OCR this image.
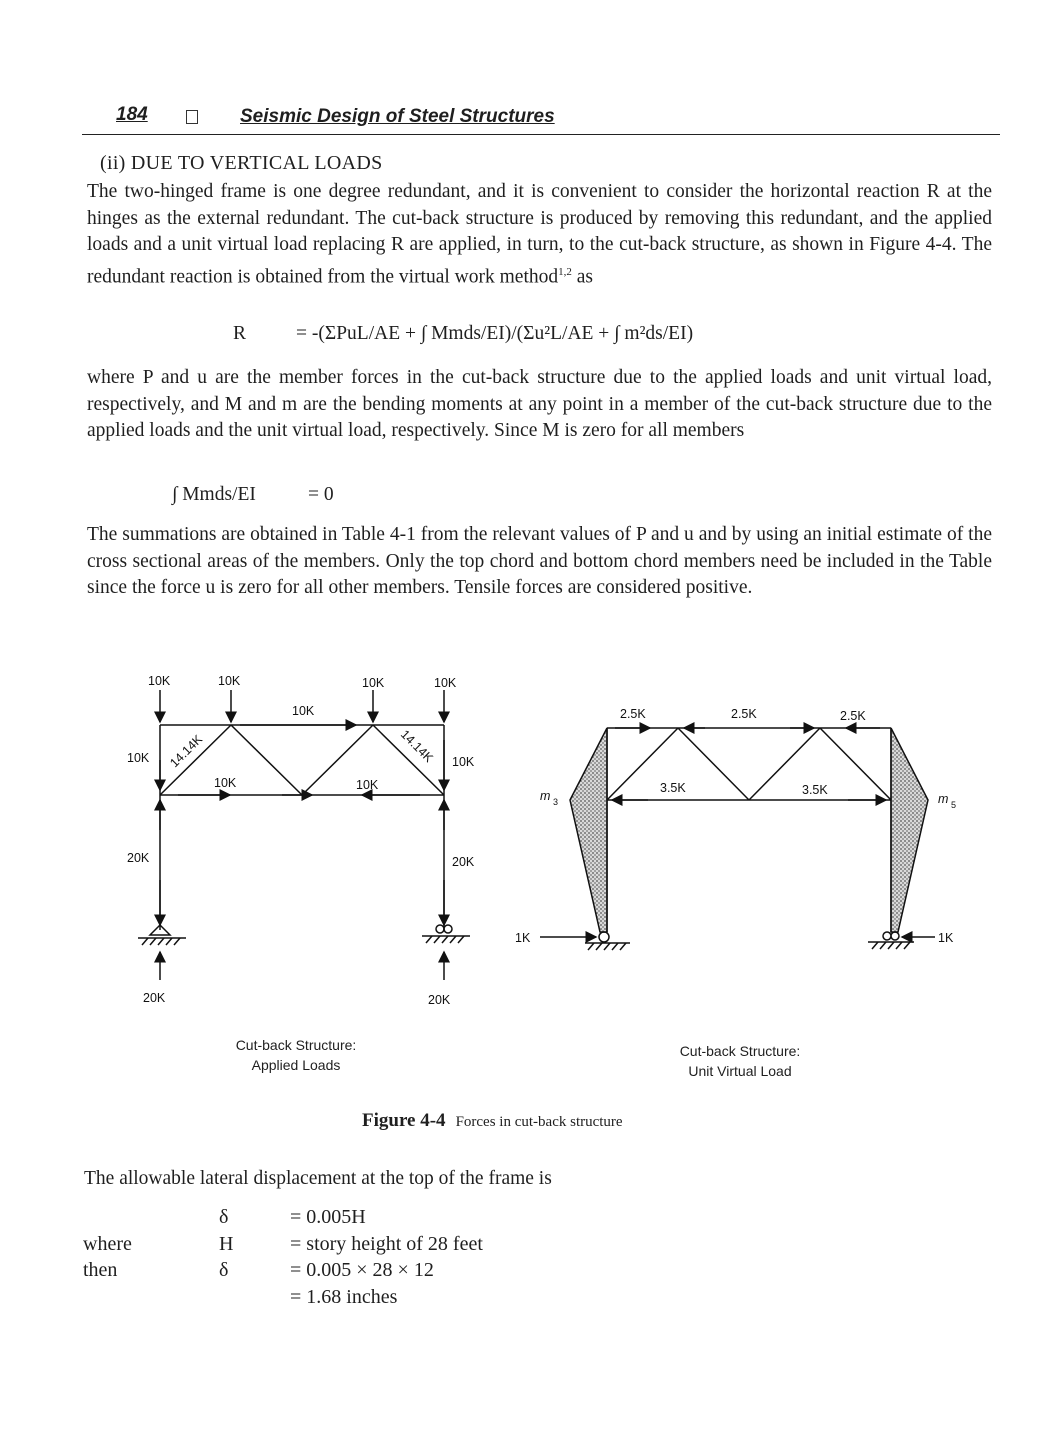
184	Seismic Design of Steel Structures
(ii) DUE TO VERTICAL LOADS
The two-hinged frame is one degree redundant, and it is convenient to consider the horizontal reaction R at the hinges as the external redundant. The cut-back structure is produced by removing this redundant, and the applied loads and a unit virtual load replacing R are applied, in turn, to the cut-back structure, as shown in Figure 4-4. The redundant reaction is obtained from the virtual work method$^{1,2}$ as
R	= -(ΣPuL/AE + ∫ Mmds/EI)/(Σu²L/AE + ∫ m²ds/EI)
where P and u are the member forces in the cut-back structure due to the applied loads and unit virtual load, respectively, and M and m are the bending moments at any point in a member of the cut-back structure due to the applied loads and the unit virtual load, respectively. Since M is zero for all members
∫ Mmds/EI	= 0
The summations are obtained in Table 4-1 from the relevant values of P and u and by using an initial estimate of the cross sectional areas of the members. Only the top chord and bottom chord members need be included in the Table since the force u is zero for all other members. Tensile forces are considered positive.
10K	10K	10K	10K
10K
10K	10K
14.14K	14.14K
10K	10K
20K	20K
20K	20K
2.5K	2.5K	2.5K
3.5K	3.5K
m 3	m 5
1K	1K
Cut-back Structure:
Applied Loads
Cut-back Structure:
Unit Virtual Load
Figure 4-4 Forces in cut-back structure
The allowable lateral displacement at the top of the frame is
δ	= 0.005H
where	H	= story height of 28 feet
then	δ	= 0.005 × 28 × 12
= 1.68 inches
